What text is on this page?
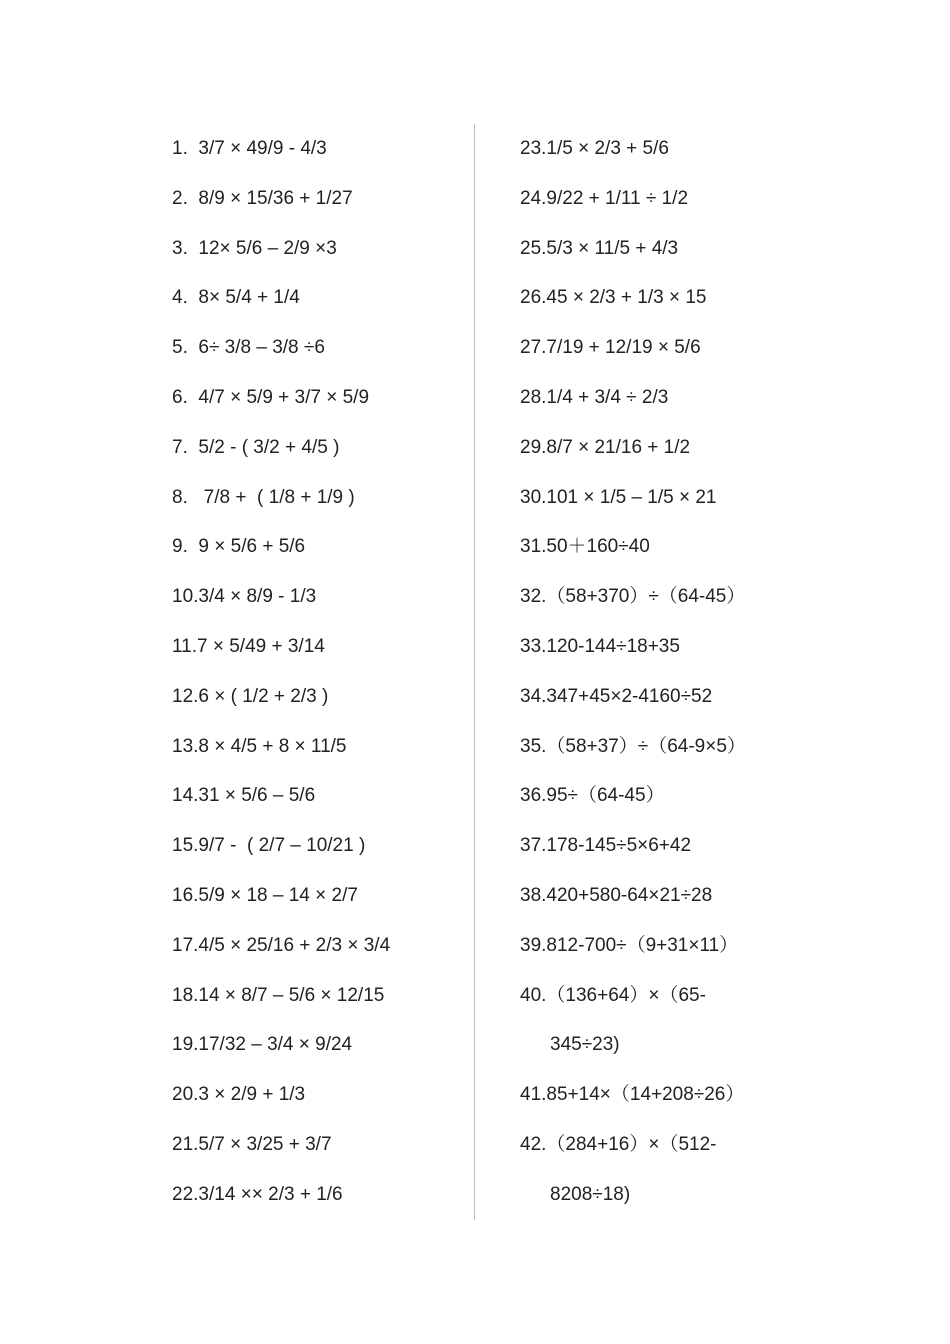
1.  3/7 × 49/9 - 4/3
2.  8/9 × 15/36 + 1/27
3.  12× 5/6 – 2/9 ×3
4.  8× 5/4 + 1/4
5.  6÷ 3/8 – 3/8 ÷6
6.  4/7 × 5/9 + 3/7 × 5/9
7.  5/2 - ( 3/2 + 4/5 )
8.   7/8 +  ( 1/8 + 1/9 )
9.  9 × 5/6 + 5/6
10.3/4 × 8/9 - 1/3
11.7 × 5/49 + 3/14
12.6 × ( 1/2 + 2/3 )
13.8 × 4/5 + 8 × 11/5
14.31 × 5/6 – 5/6
15.9/7 -  ( 2/7 – 10/21 )
16.5/9 × 18 – 14 × 2/7
17.4/5 × 25/16 + 2/3 × 3/4
18.14 × 8/7 – 5/6 × 12/15
19.17/32 – 3/4 × 9/24
20.3 × 2/9 + 1/3
21.5/7 × 3/25 + 3/7
22.3/14 ×× 2/3 + 1/6
23.1/5 × 2/3 + 5/6
24.9/22 + 1/11 ÷ 1/2
25.5/3 × 11/5 + 4/3
26.45 × 2/3 + 1/3 × 15
27.7/19 + 12/19 × 5/6
28.1/4 + 3/4 ÷ 2/3
29.8/7 × 21/16 + 1/2
30.101 × 1/5 – 1/5 × 21
31.50＋160÷40
32.（58+370）÷（64-45）
33.120-144÷18+35
34.347+45×2-4160÷52
35.（58+37）÷（64-9×5）
36.95÷（64-45）
37.178-145÷5×6+42
38.420+580-64×21÷28
39.812-700÷（9+31×11）
40.（136+64）×（65-
345÷23)
41.85+14×（14+208÷26）
42.（284+16）×（512-
8208÷18)
